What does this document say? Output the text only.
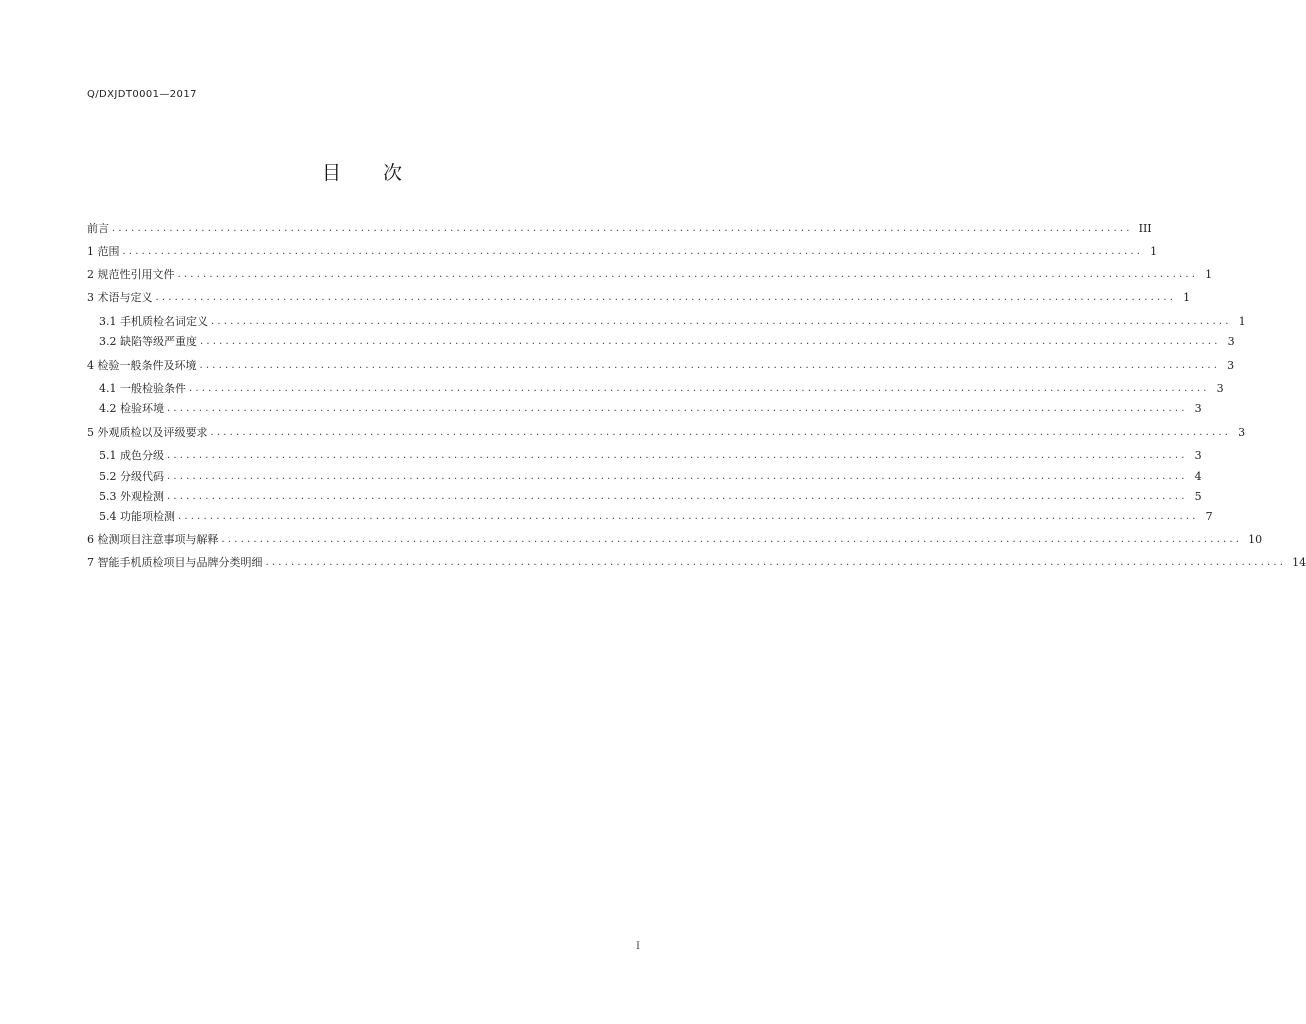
Q/DXJDT0001—2017
目 次
前言 ................................................................................................................................................................ III
1 范围 ................................................................................................................................................................ 1
2 规范性引用文件 ................................................................................................................................................................ 1
3 术语与定义 ................................................................................................................................................................ 1
3.1 手机质检名词定义 ................................................................................................................................................................ 1
3.2 缺陷等级严重度 ................................................................................................................................................................ 3
4 检验一般条件及环境 ................................................................................................................................................................ 3
4.1 一般检验条件 ................................................................................................................................................................ 3
4.2 检验环境 ................................................................................................................................................................ 3
5 外观质检以及评级要求 ................................................................................................................................................................ 3
5.1 成色分级 ................................................................................................................................................................ 3
5.2 分级代码 ................................................................................................................................................................ 4
5.3 外观检测 ................................................................................................................................................................ 5
5.4 功能项检测 ................................................................................................................................................................ 7
6 检测项目注意事项与解释 ................................................................................................................................................................ 10
7 智能手机质检项目与品牌分类明细 ................................................................................................................................................................ 14
I
